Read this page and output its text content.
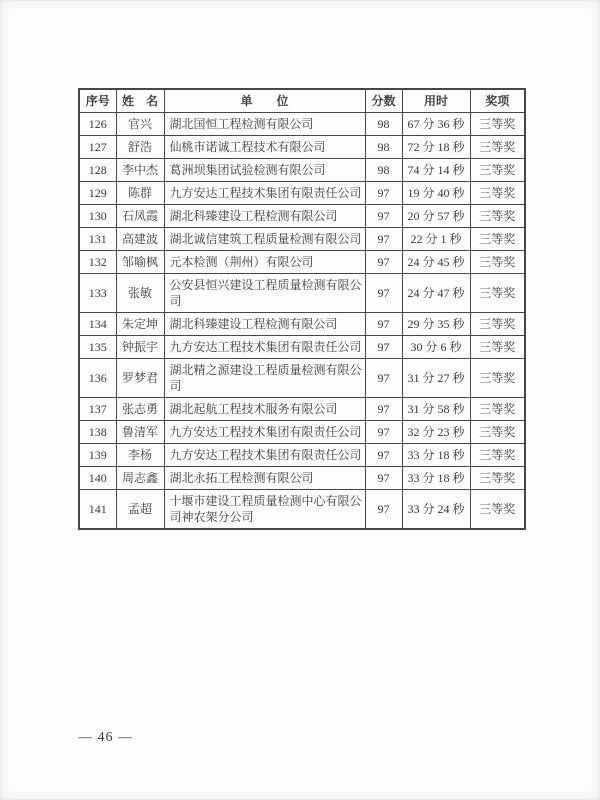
序号	姓　名	单　　位	分数	用时	奖项
126	官兴	湖北国恒工程检测有限公司	98	67 分 36 秒	三等奖
127	舒浩	仙桃市诺诚工程技术有限公司	98	72 分 18 秒	三等奖
128	李中杰	葛洲坝集团试验检测有限公司	98	74 分 14 秒	三等奖
129	陈群	九方安达工程技术集团有限责任公司	97	19 分 40 秒	三等奖
130	石凤霞	湖北科臻建设工程检测有限公司	97	20 分 57 秒	三等奖
131	高建波	湖北诚信建筑工程质量检测有限公司	97	22 分 1 秒	三等奖
132	邹喻枫	元本检测（荆州）有限公司	97	24 分 45 秒	三等奖
133	张敏	公安县恒兴建设工程质量检测有限公司	97	24 分 47 秒	三等奖
134	朱定坤	湖北科臻建设工程检测有限公司	97	29 分 35 秒	三等奖
135	钟振宇	九方安达工程技术集团有限责任公司	97	30 分 6 秒	三等奖
136	罗梦君	湖北精之源建设工程质量检测有限公司	97	31 分 27 秒	三等奖
137	张志勇	湖北起航工程技术服务有限公司	97	31 分 58 秒	三等奖
138	鲁清军	九方安达工程技术集团有限责任公司	97	32 分 23 秒	三等奖
139	李杨	九方安达工程技术集团有限责任公司	97	33 分 18 秒	三等奖
140	周志鑫	湖北永拓工程检测有限公司	97	33 分 18 秒	三等奖
141	孟超	十堰市建设工程质量检测中心有限公司神农架分公司	97	33 分 24 秒	三等奖
— 46 —
